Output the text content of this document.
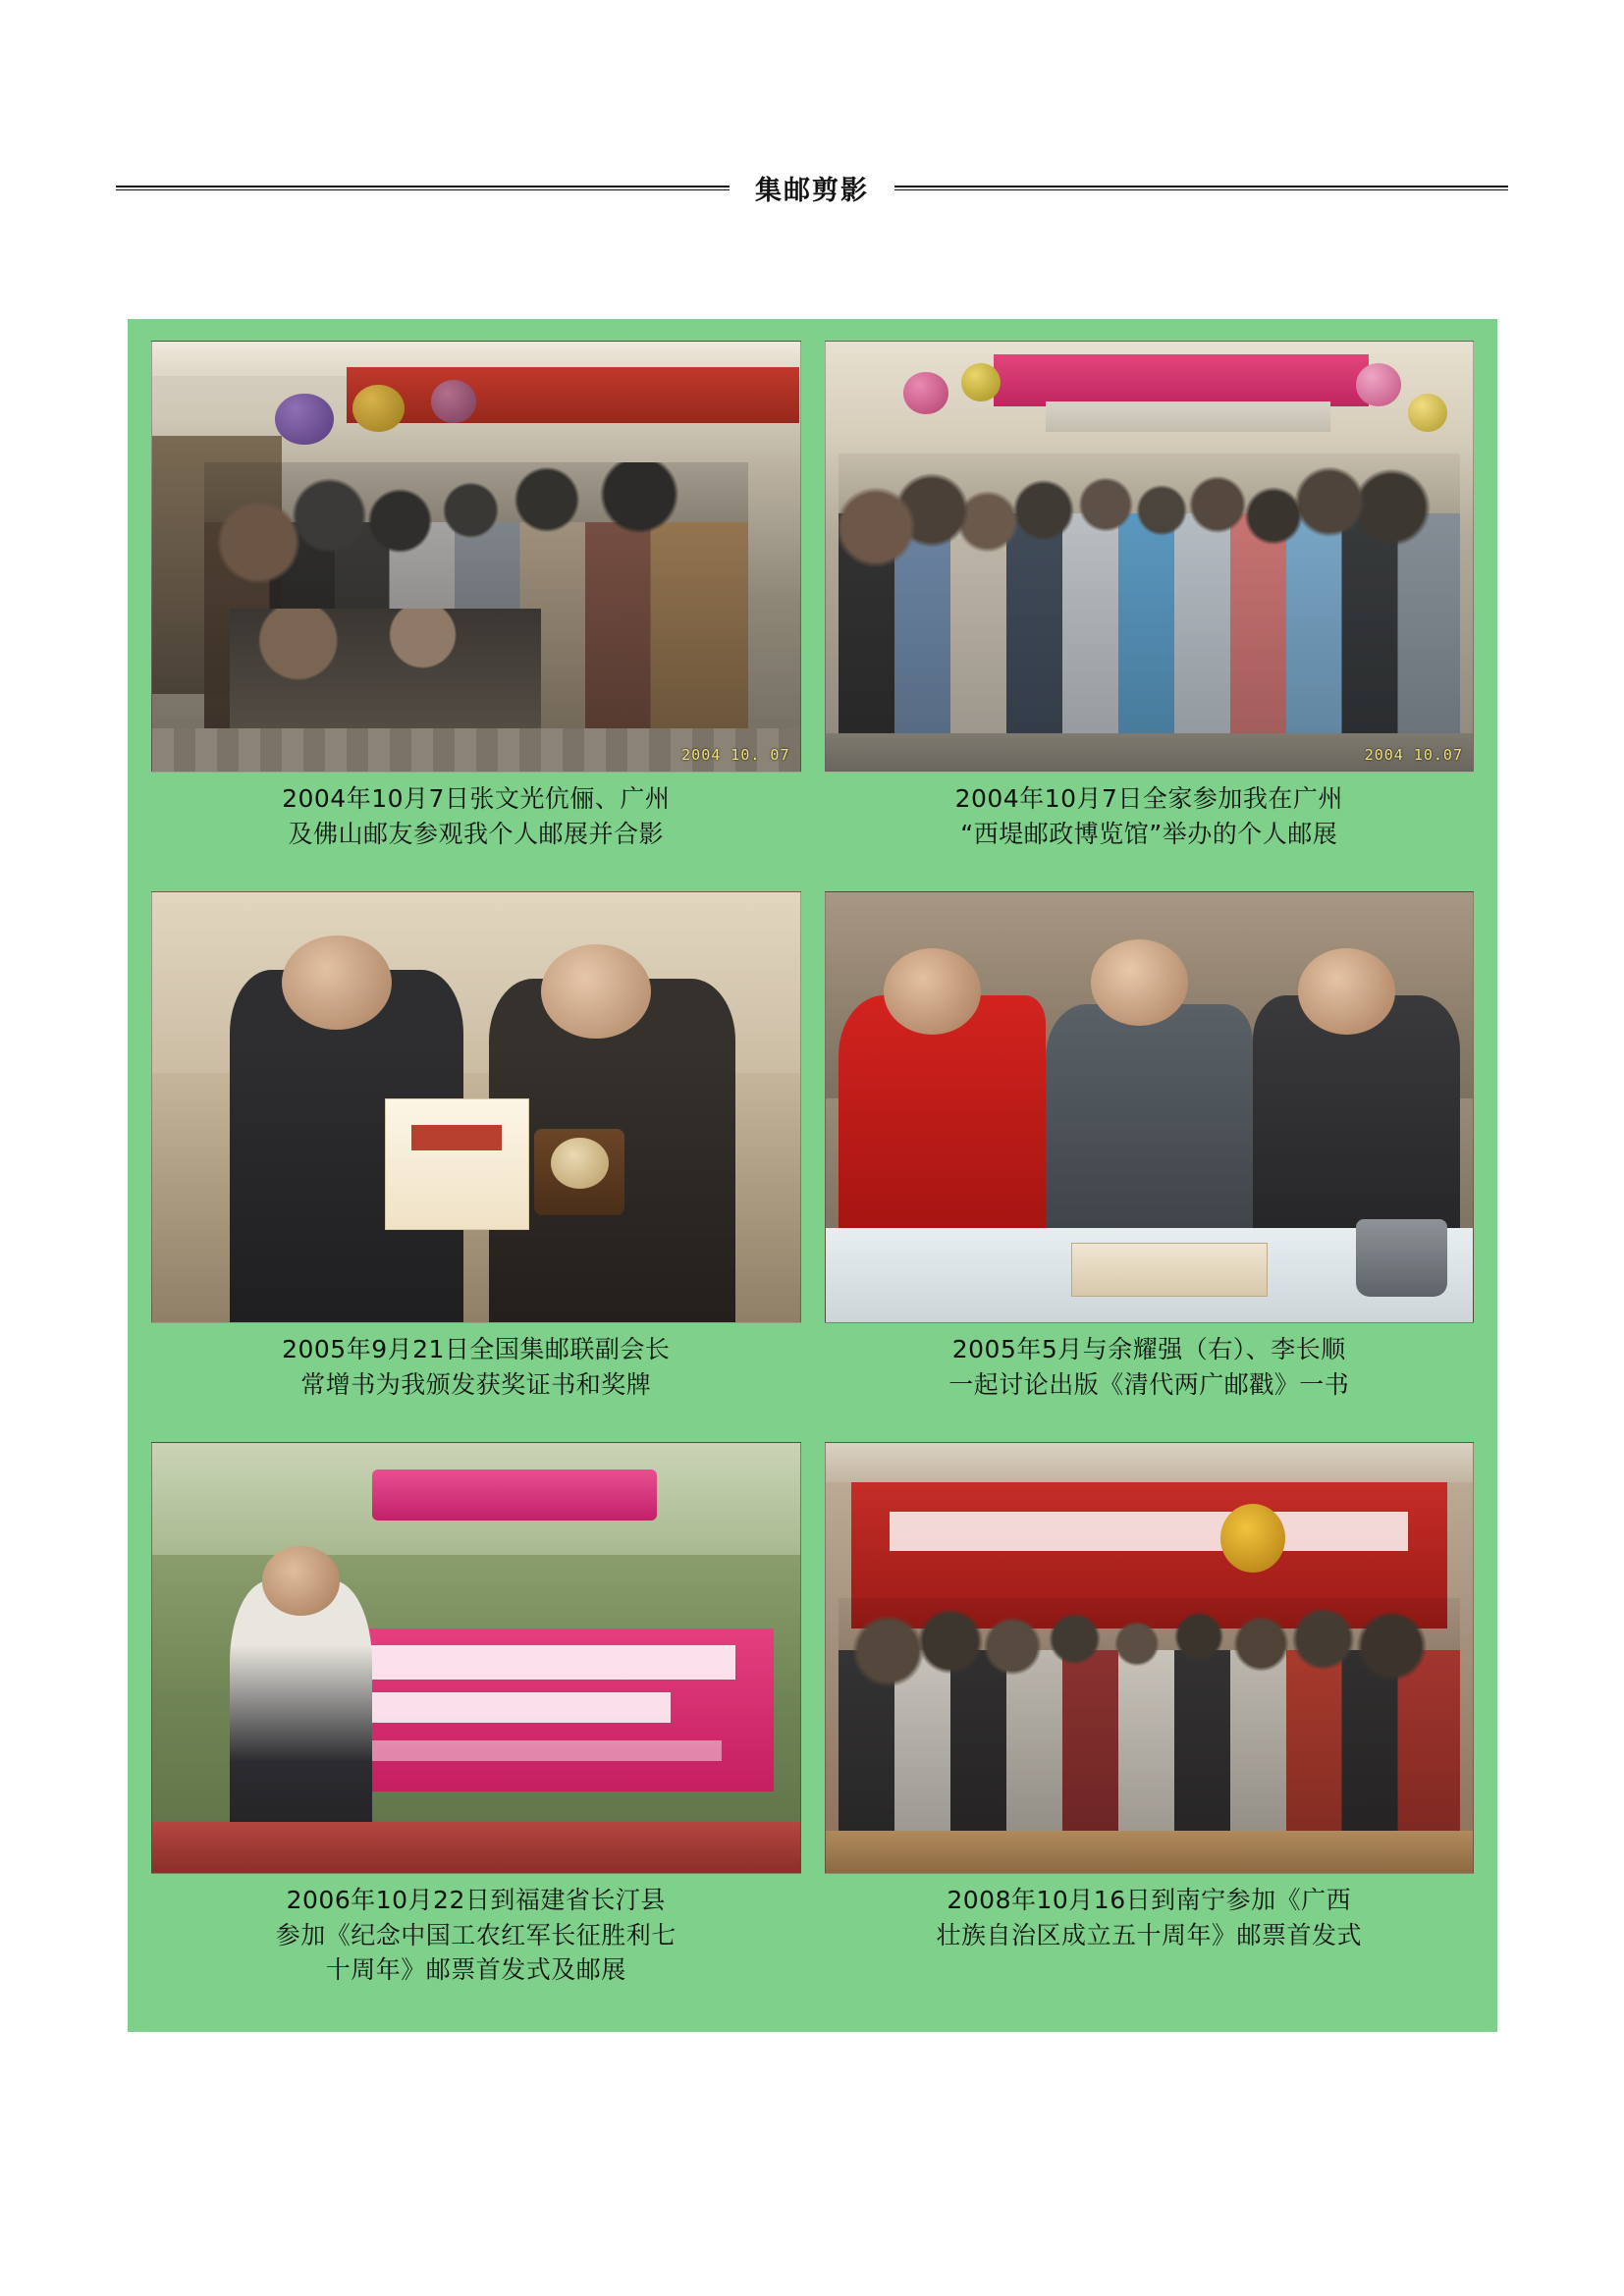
集邮剪影
2004 10. 07
2004年10月7日张文光伉俪、广州
及佛山邮友参观我个人邮展并合影
2004 10.07
2004年10月7日全家参加我在广州
“西堤邮政博览馆”举办的个人邮展
2005年9月21日全国集邮联副会长
常增书为我颁发获奖证书和奖牌
2005年5月与余耀强（右）、李长顺
一起讨论出版《清代两广邮戳》一书
2006年10月22日到福建省长汀县
参加《纪念中国工农红军长征胜利七
十周年》邮票首发式及邮展
2008年10月16日到南宁参加《广西
壮族自治区成立五十周年》邮票首发式
